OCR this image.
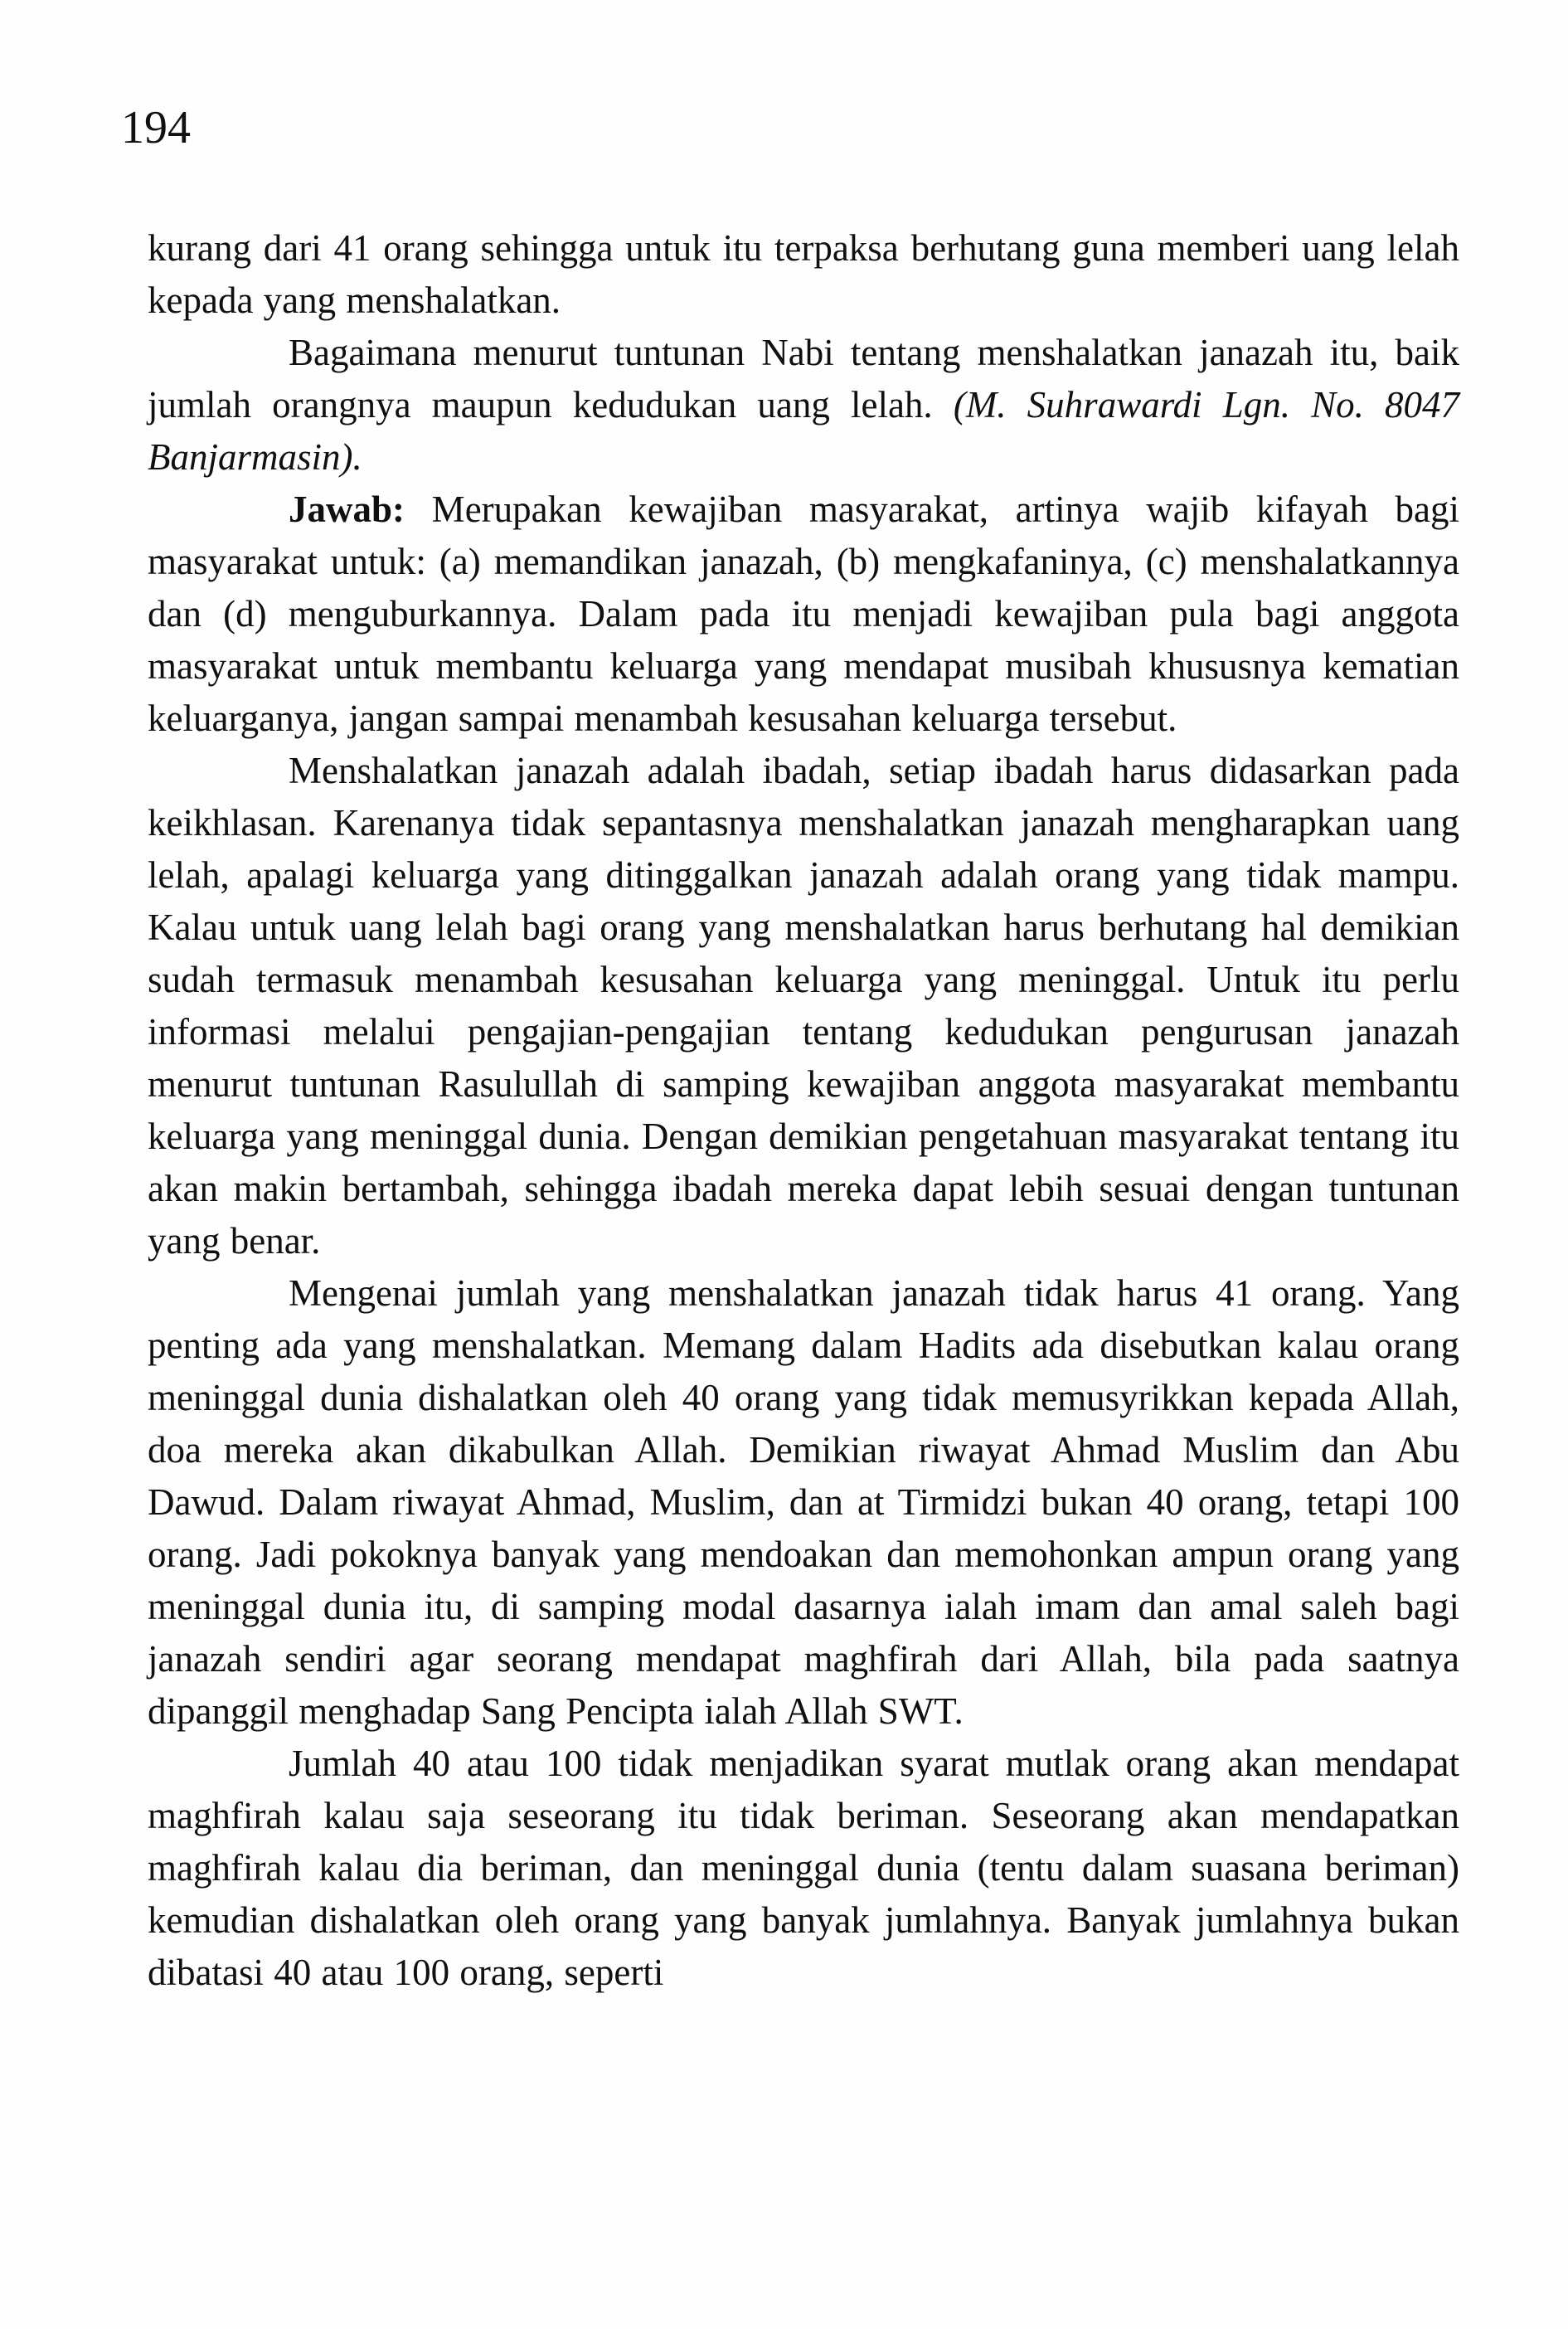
194

kurang dari 41 orang sehingga untuk itu terpaksa berhutang guna memberi uang lelah kepada yang menshalatkan.

Bagaimana menurut tuntunan Nabi tentang menshalatkan janazah itu, baik jumlah orangnya maupun kedudukan uang lelah. (M. Suhrawardi Lgn. No. 8047 Banjarmasin).

Jawab: Merupakan kewajiban masyarakat, artinya wajib kifayah bagi masyarakat untuk: (a) memandikan janazah, (b) mengkafaninya, (c) menshalatkannya dan (d) menguburkannya. Dalam pada itu menjadi kewajiban pula bagi anggota masyarakat untuk membantu keluarga yang mendapat musibah khususnya kematian keluarganya, jangan sampai menambah kesusahan keluarga tersebut.

Menshalatkan janazah adalah ibadah, setiap ibadah harus didasarkan pada keikhlasan. Karenanya tidak sepantasnya menshalatkan janazah mengharapkan uang lelah, apalagi keluarga yang ditinggalkan janazah adalah orang yang tidak mampu. Kalau untuk uang lelah bagi orang yang menshalatkan harus berhutang hal demikian sudah termasuk menambah kesusahan keluarga yang meninggal. Untuk itu perlu informasi melalui pengajian-pengajian tentang kedudukan pengurusan janazah menurut tuntunan Rasulullah di samping kewajiban anggota masyarakat membantu keluarga yang meninggal dunia. Dengan demikian pengetahuan masyarakat tentang itu akan makin bertambah, sehingga ibadah mereka dapat lebih sesuai dengan tuntunan yang benar.

Mengenai jumlah yang menshalatkan janazah tidak harus 41 orang. Yang penting ada yang menshalatkan. Memang dalam Hadits ada disebutkan kalau orang meninggal dunia dishalatkan oleh 40 orang yang tidak memusyrikkan kepada Allah, doa mereka akan dikabulkan Allah. Demikian riwayat Ahmad Muslim dan Abu Dawud. Dalam riwayat Ahmad, Muslim, dan at Tirmidzi bukan 40 orang, tetapi 100 orang. Jadi pokoknya banyak yang mendoakan dan memohonkan ampun orang yang meninggal dunia itu, di samping modal dasarnya ialah imam dan amal saleh bagi janazah sendiri agar seorang mendapat maghfirah dari Allah, bila pada saatnya dipanggil menghadap Sang Pencipta ialah Allah SWT.

Jumlah 40 atau 100 tidak menjadikan syarat mutlak orang akan mendapat maghfirah kalau saja seseorang itu tidak beriman. Seseorang akan mendapatkan maghfirah kalau dia beriman, dan meninggal dunia (tentu dalam suasana beriman) kemudian dishalatkan oleh orang yang banyak jumlahnya. Banyak jumlahnya bukan dibatasi 40 atau 100 orang, seperti
